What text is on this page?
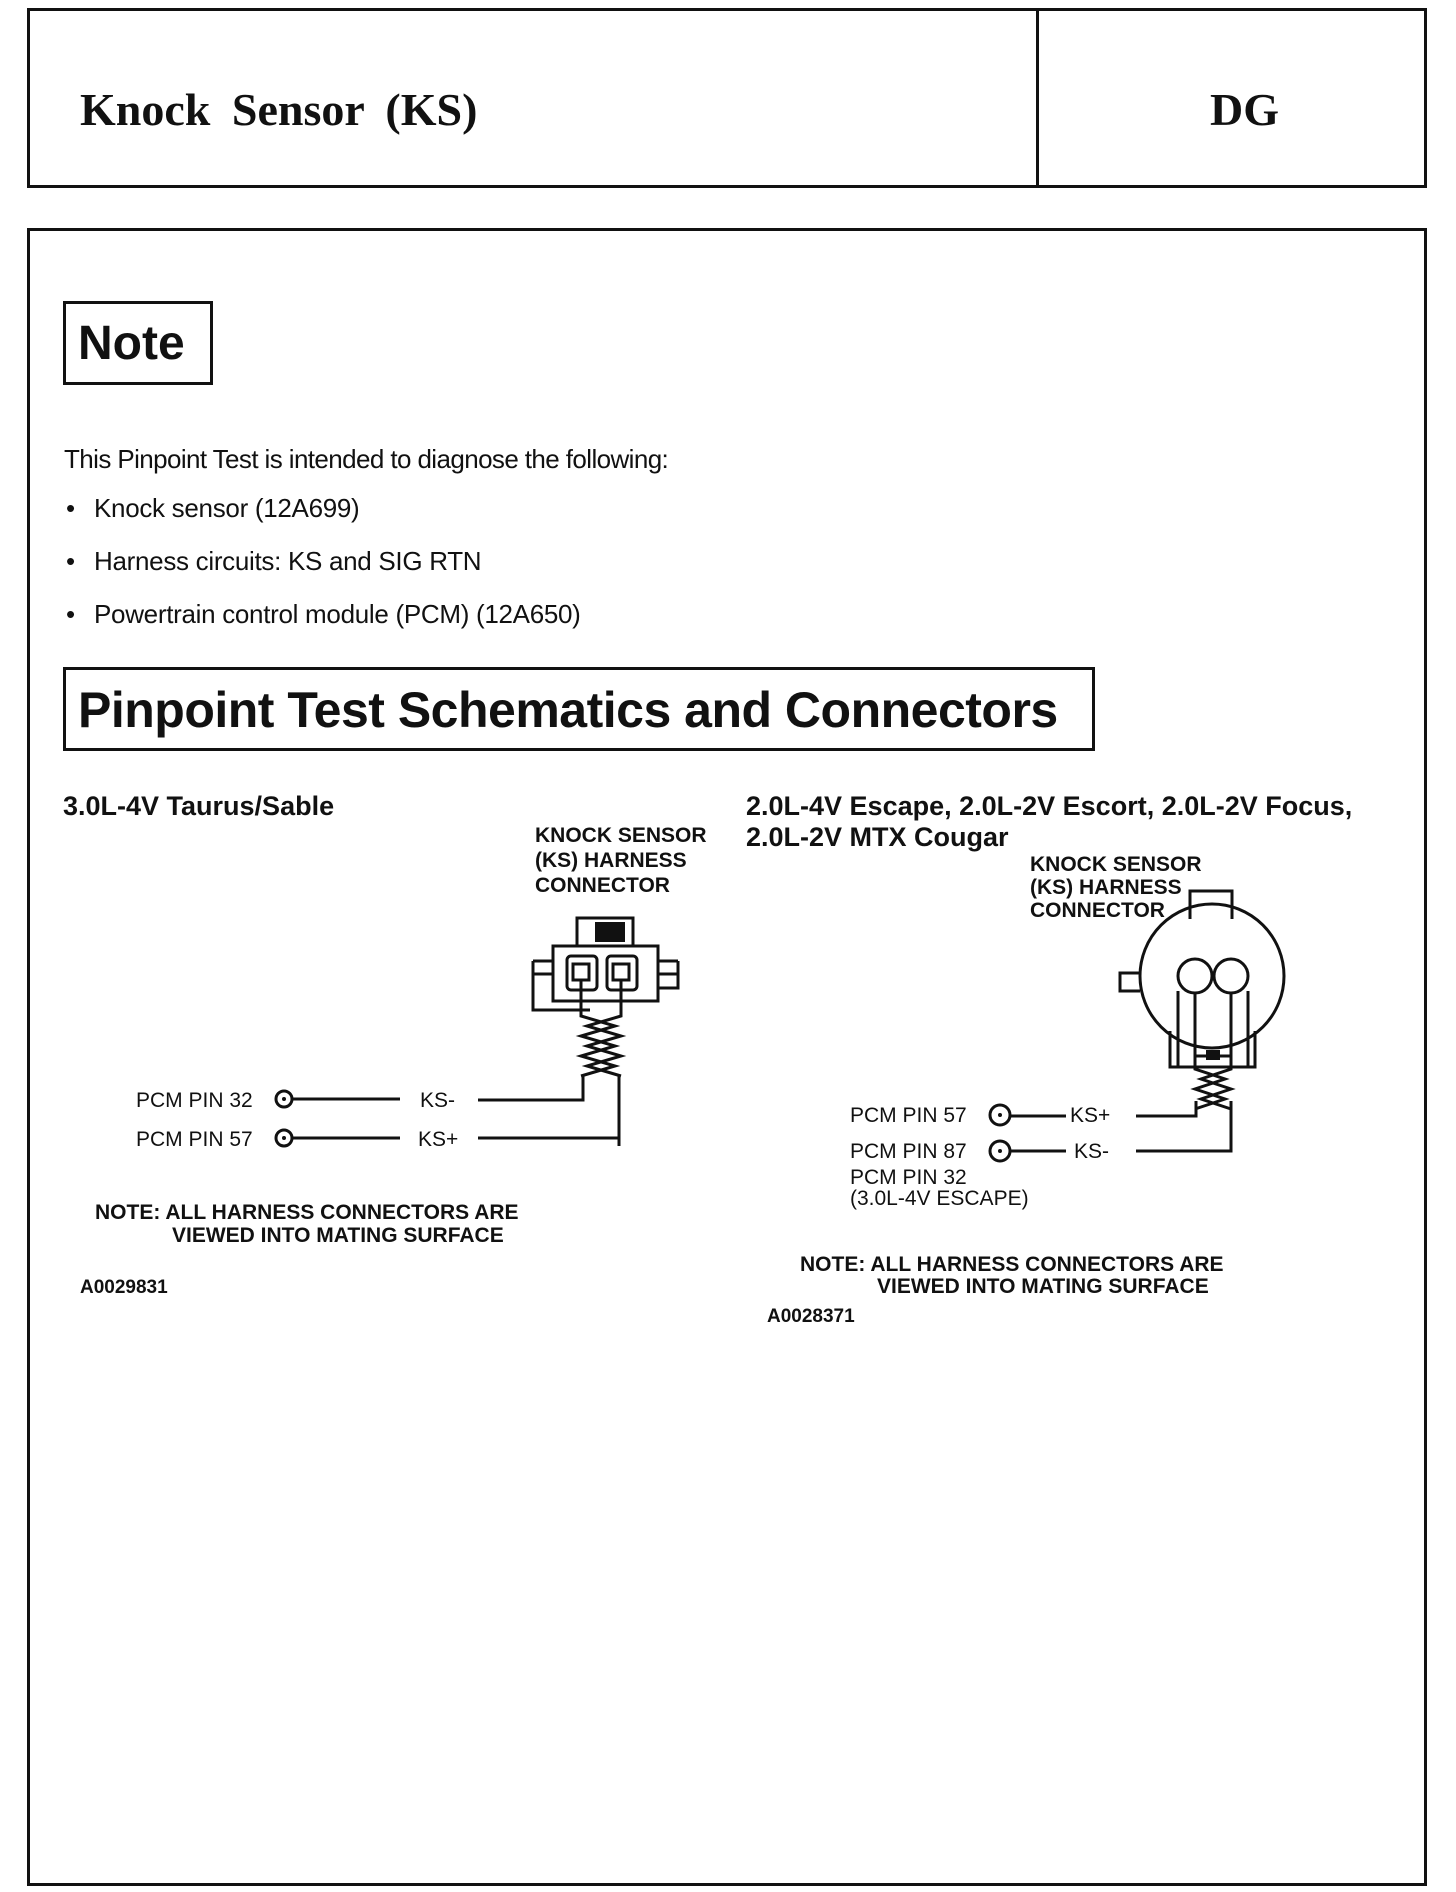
Knock Sensor (KS)	DG
Note
This Pinpoint Test is intended to diagnose the following:
• Knock sensor (12A699)
• Harness circuits: KS and SIG RTN
• Powertrain control module (PCM) (12A650)
Pinpoint Test Schematics and Connectors
3.0L-4V Taurus/Sable
KNOCK SENSOR
(KS) HARNESS
CONNECTOR
PCM PIN 32	KS-
PCM PIN 57	KS+
NOTE: ALL HARNESS CONNECTORS ARE
VIEWED INTO MATING SURFACE
A0029831
2.0L-4V Escape, 2.0L-2V Escort, 2.0L-2V Focus,
2.0L-2V MTX Cougar
KNOCK SENSOR
(KS) HARNESS
CONNECTOR
PCM PIN 57	KS+
PCM PIN 87	KS-
PCM PIN 32
(3.0L-4V ESCAPE)
NOTE: ALL HARNESS CONNECTORS ARE
VIEWED INTO MATING SURFACE
A0028371
